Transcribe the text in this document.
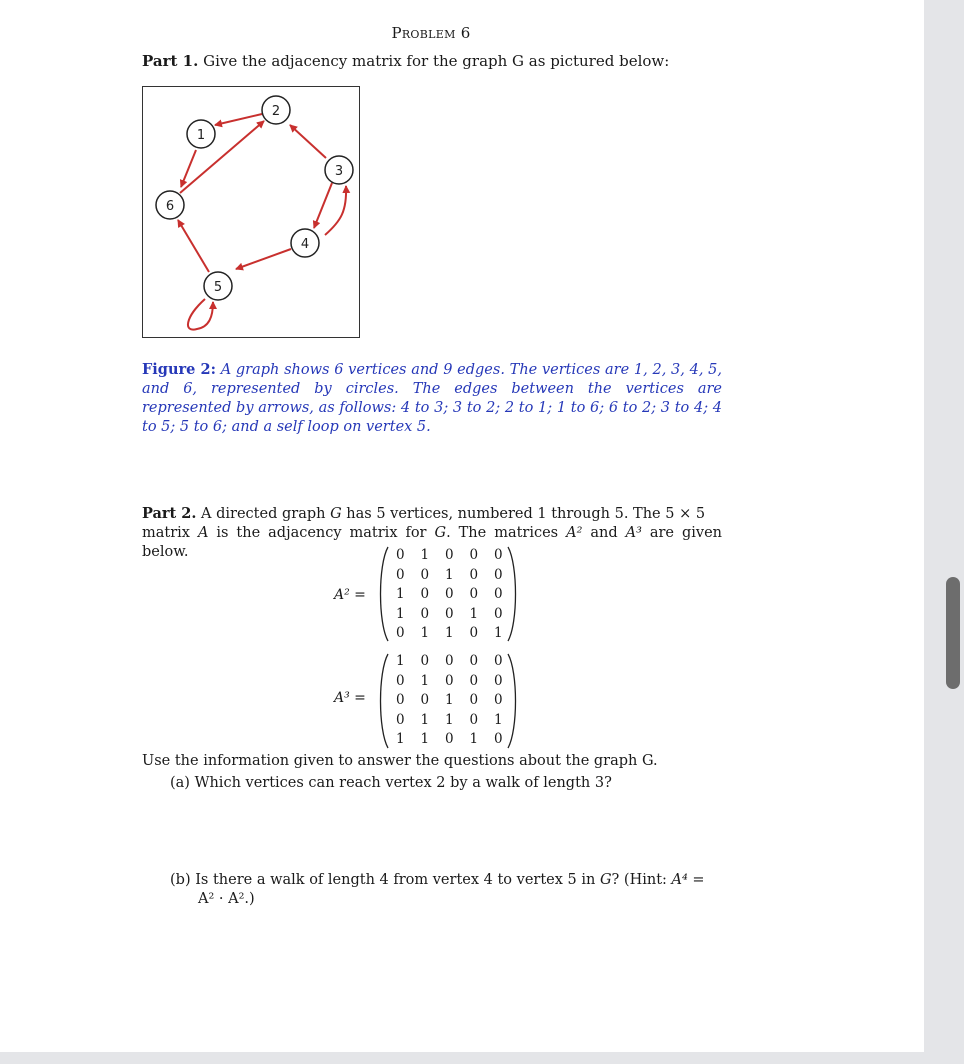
Problem 6
Part 1. Give the adjacency matrix for the graph G as pictured below:
1
2
3
4
5
6
Figure 2: A graph shows 6 vertices and 9 edges. The vertices are 1, 2, 3, 4, 5, and 6, represented by circles. The edges between the vertices are represented by arrows, as follows: 4 to 3; 3 to 2; 2 to 1; 1 to 6; 6 to 2; 3 to 4; 4 to 5; 5 to 6; and a self loop on vertex 5.
Part 2. A directed graph G has 5 vertices, numbered 1 through 5. The 5 × 5
matrix A is the adjacency matrix for G. The matrices A² and A³ are given below.
A² =
0	1	0	0	0
0	0	1	0	0
1	0	0	0	0
1	0	0	1	0
0	1	1	0	1
A³ =
1	0	0	0	0
0	1	0	0	0
0	0	1	0	0
0	1	1	0	1
1	1	0	1	0
Use the information given to answer the questions about the graph G.
(a) Which vertices can reach vertex 2 by a walk of length 3?
(b) Is there a walk of length 4 from vertex 4 to vertex 5 in G? (Hint: A⁴ =
A² · A².)
